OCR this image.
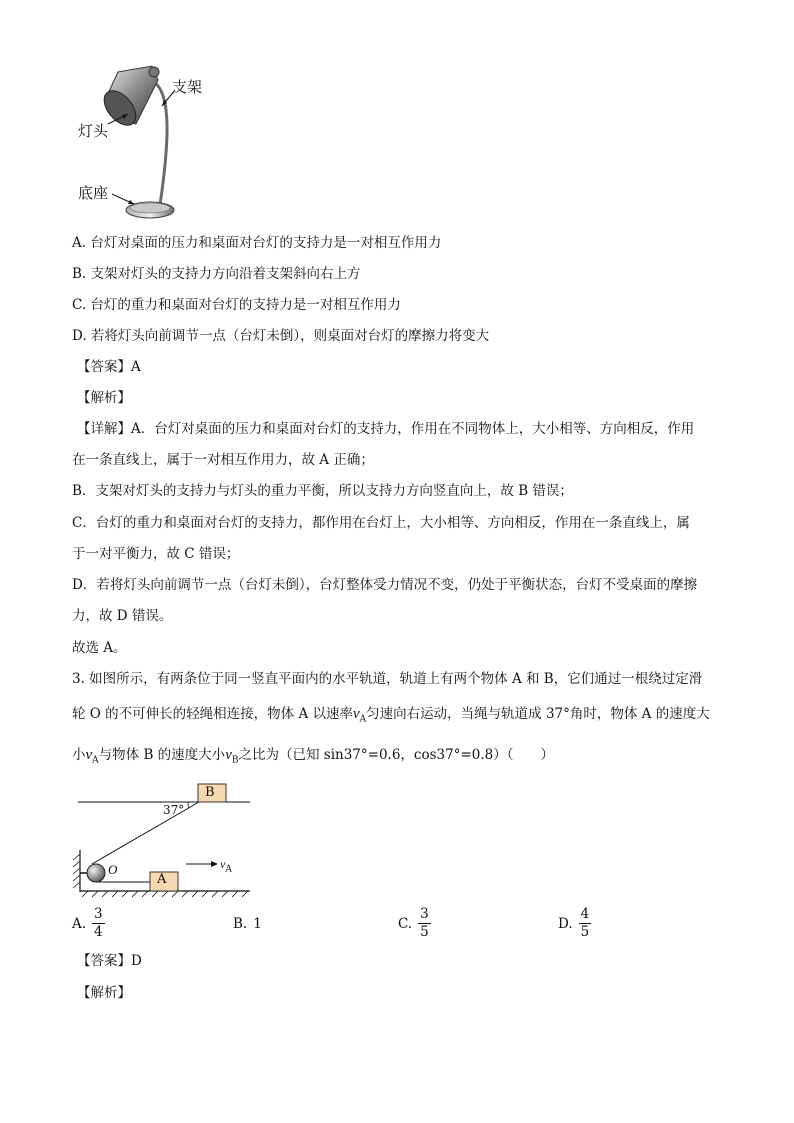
支架
灯头
底座
A. 台灯对桌面的压力和桌面对台灯的支持力是一对相互作用力
B. 支架对灯头的支持力方向沿着支架斜向右上方
C. 台灯的重力和桌面对台灯的支持力是一对相互作用力
D. 若将灯头向前调节一点（台灯未倒），则桌面对台灯的摩擦力将变大
【答案】A
【解析】
【详解】A．台灯对桌面的压力和桌面对台灯的支持力，作用在不同物体上，大小相等、方向相反，作用
在一条直线上，属于一对相互作用力，故 A 正确；
B．支架对灯头的支持力与灯头的重力平衡，所以支持力方向竖直向上，故 B 错误；
C．台灯的重力和桌面对台灯的支持力，都作用在台灯上，大小相等、方向相反，作用在一条直线上，属
于一对平衡力，故 C 错误；
D．若将灯头向前调节一点（台灯未倒），台灯整体受力情况不变，仍处于平衡状态，台灯不受桌面的摩擦
力，故 D 错误。
故选 A。
3. 如图所示，有两条位于同一竖直平面内的水平轨道，轨道上有两个物体 A 和 B，它们通过一根绕过定滑
轮 O 的不可伸长的轻绳相连接，物体 A 以速率$v_A$匀速向右运动，当绳与轨道成 37°角时，物体 A 的速度大
小$v_A$与物体 B 的速度大小$v_B$之比为（已知 sin37°=0.6，cos37°=0.8）（　　）
B
A
37°
O	$v_A$
A. $\frac{3}{4}$	B. 1	C. $\frac{3}{5}$	D. $\frac{4}{5}$
【答案】D
【解析】
